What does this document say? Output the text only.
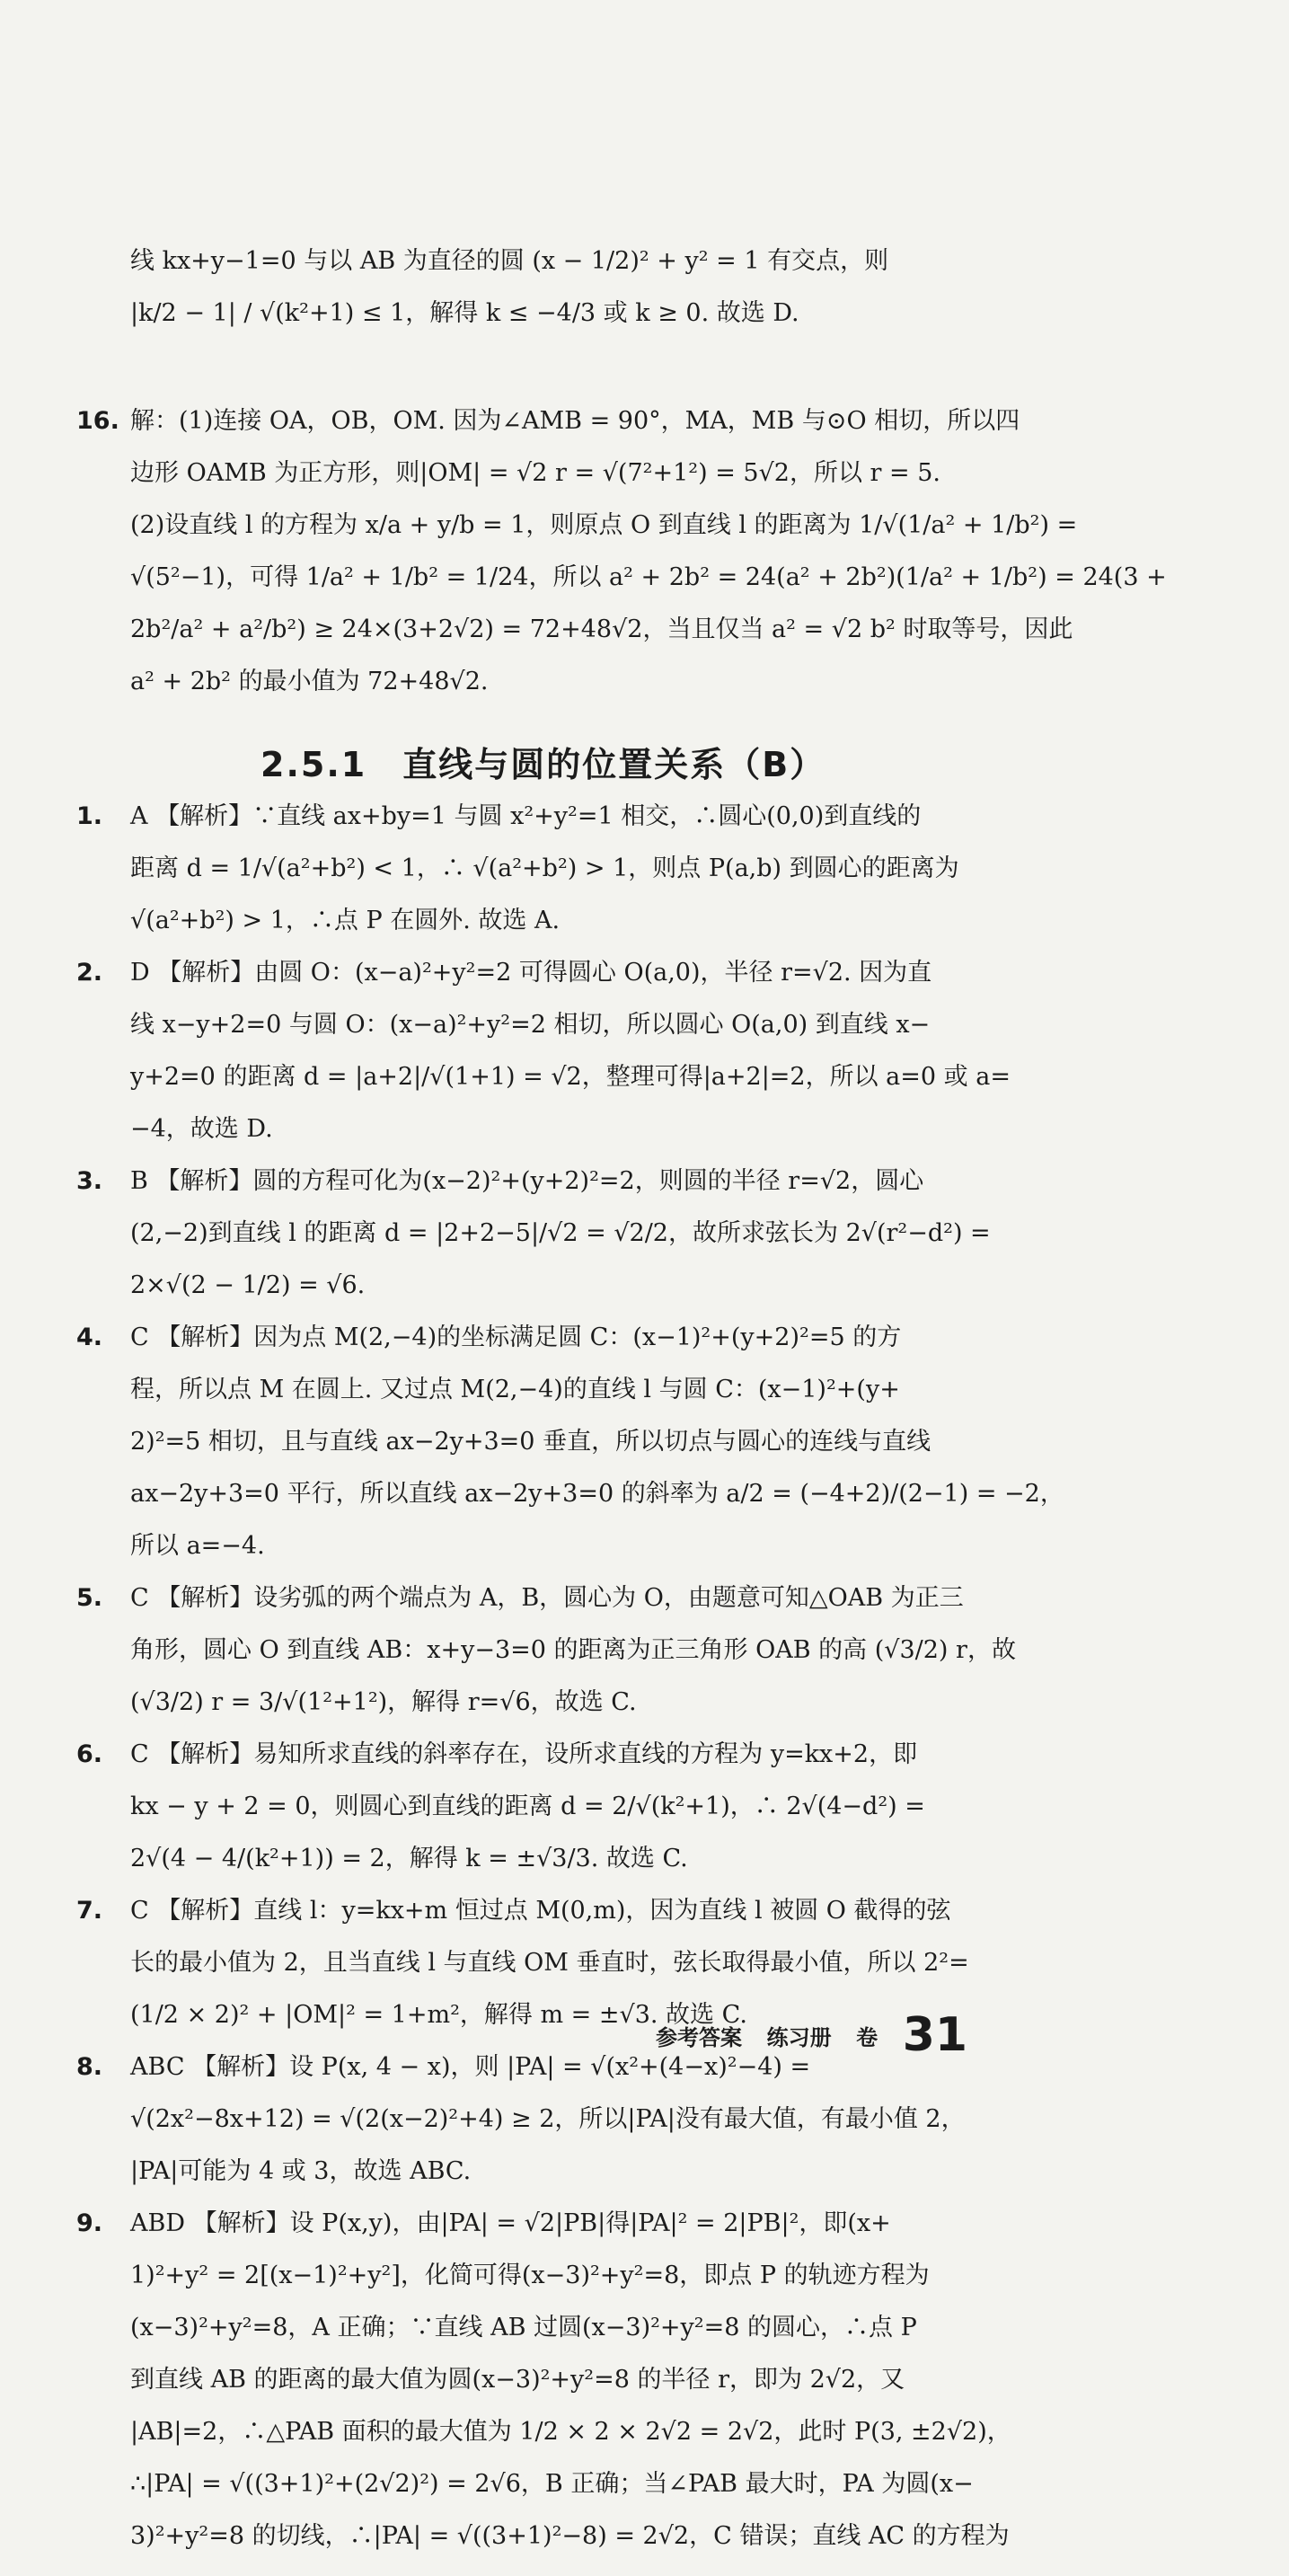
线 kx+y−1=0 与以 AB 为直径的圆 (x − 1/2)² + y² = 1 有交点，则
|k/2 − 1| / √(k²+1) ≤ 1，解得 k ≤ −4/3 或 k ≥ 0. 故选 D.
16. 解：(1)连接 OA，OB，OM. 因为∠AMB = 90°，MA，MB 与⊙O 相切，所以四
边形 OAMB 为正方形，则|OM| = √2 r = √(7²+1²) = 5√2，所以 r = 5.
(2)设直线 l 的方程为 x/a + y/b = 1，则原点 O 到直线 l 的距离为 1/√(1/a² + 1/b²) =
√(5²−1)，可得 1/a² + 1/b² = 1/24，所以 a² + 2b² = 24(a² + 2b²)(1/a² + 1/b²) = 24(3 +
2b²/a² + a²/b²) ≥ 24×(3+2√2) = 72+48√2，当且仅当 a² = √2 b² 时取等号，因此
a² + 2b² 的最小值为 72+48√2.
2.5.1　直线与圆的位置关系（B）
1. A 【解析】∵直线 ax+by=1 与圆 x²+y²=1 相交，∴圆心(0,0)到直线的
距离 d = 1/√(a²+b²) < 1，∴ √(a²+b²) > 1，则点 P(a,b) 到圆心的距离为
√(a²+b²) > 1，∴点 P 在圆外. 故选 A.
2. D 【解析】由圆 O：(x−a)²+y²=2 可得圆心 O(a,0)，半径 r=√2. 因为直
线 x−y+2=0 与圆 O：(x−a)²+y²=2 相切，所以圆心 O(a,0) 到直线 x−
y+2=0 的距离 d = |a+2|/√(1+1) = √2，整理可得|a+2|=2，所以 a=0 或 a=
−4，故选 D.
3. B 【解析】圆的方程可化为(x−2)²+(y+2)²=2，则圆的半径 r=√2，圆心
(2,−2)到直线 l 的距离 d = |2+2−5|/√2 = √2/2，故所求弦长为 2√(r²−d²) =
2×√(2 − 1/2) = √6.
4. C 【解析】因为点 M(2,−4)的坐标满足圆 C：(x−1)²+(y+2)²=5 的方
程，所以点 M 在圆上. 又过点 M(2,−4)的直线 l 与圆 C：(x−1)²+(y+
2)²=5 相切，且与直线 ax−2y+3=0 垂直，所以切点与圆心的连线与直线
ax−2y+3=0 平行，所以直线 ax−2y+3=0 的斜率为 a/2 = (−4+2)/(2−1) = −2，
所以 a=−4.
5. C 【解析】设劣弧的两个端点为 A，B，圆心为 O，由题意可知△OAB 为正三
角形，圆心 O 到直线 AB：x+y−3=0 的距离为正三角形 OAB 的高 (√3/2) r，故
(√3/2) r = 3/√(1²+1²)，解得 r=√6，故选 C.
6. C 【解析】易知所求直线的斜率存在，设所求直线的方程为 y=kx+2，即
kx − y + 2 = 0，则圆心到直线的距离 d = 2/√(k²+1)，∴ 2√(4−d²) =
2√(4 − 4/(k²+1)) = 2，解得 k = ±√3/3. 故选 C.
7. C 【解析】直线 l：y=kx+m 恒过点 M(0,m)，因为直线 l 被圆 O 截得的弦
长的最小值为 2，且当直线 l 与直线 OM 垂直时，弦长取得最小值，所以 2²=
(1/2 × 2)² + |OM|² = 1+m²，解得 m = ±√3. 故选 C.
8. ABC 【解析】设 P(x, 4 − x)，则 |PA| = √(x²+(4−x)²−4) =
√(2x²−8x+12) = √(2(x−2)²+4) ≥ 2，所以|PA|没有最大值，有最小值 2，
|PA|可能为 4 或 3，故选 ABC.
9. ABD 【解析】设 P(x,y)，由|PA| = √2|PB|得|PA|² = 2|PB|²，即(x+
1)²+y² = 2[(x−1)²+y²]，化简可得(x−3)²+y²=8，即点 P 的轨迹方程为
(x−3)²+y²=8，A 正确；∵直线 AB 过圆(x−3)²+y²=8 的圆心，∴点 P
到直线 AB 的距离的最大值为圆(x−3)²+y²=8 的半径 r，即为 2√2，又
|AB|=2，∴△PAB 面积的最大值为 1/2 × 2 × 2√2 = 2√2，此时 P(3, ±2√2)，
∴|PA| = √((3+1)²+(2√2)²) = 2√6，B 正确；当∠PAB 最大时，PA 为圆(x−
3)²+y²=8 的切线，∴|PA| = √((3+1)²−8) = 2√2，C 错误；直线 AC 的方程为
参考答案 练习册 卷 31
